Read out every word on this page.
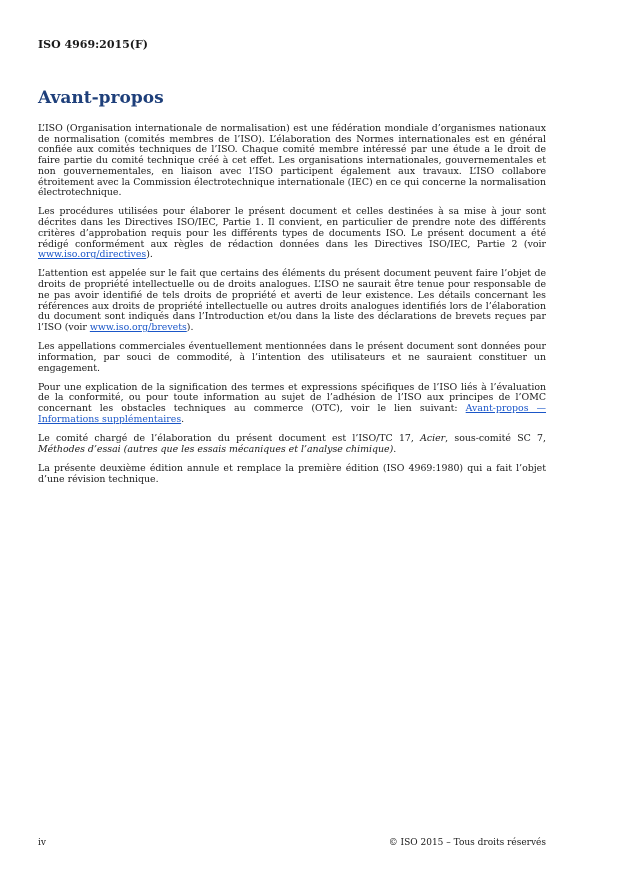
ISO 4969:2015(F)
Avant-propos

L’ISO (Organisation internationale de normalisation) est une fédération mondiale d’organismes nationaux de normalisation (comités membres de l’ISO). L’élaboration des Normes internationales est en général confiée aux comités techniques de l’ISO. Chaque comité membre intéressé par une étude a le droit de faire partie du comité technique créé à cet effet. Les organisations internationales, gouvernementales et non gouvernementales, en liaison avec l’ISO participent également aux travaux. L’ISO collabore étroitement avec la Commission électrotechnique internationale (IEC) en ce qui concerne la normalisation électrotechnique.

Les procédures utilisées pour élaborer le présent document et celles destinées à sa mise à jour sont décrites dans les Directives ISO/IEC, Partie 1. Il convient, en particulier de prendre note des différents critères d’approbation requis pour les différents types de documents ISO. Le présent document a été rédigé conformément aux règles de rédaction données dans les Directives ISO/IEC, Partie 2 (voir www.iso.org/directives).

L’attention est appelée sur le fait que certains des éléments du présent document peuvent faire l’objet de droits de propriété intellectuelle ou de droits analogues. L’ISO ne saurait être tenue pour responsable de ne pas avoir identifié de tels droits de propriété et averti de leur existence. Les détails concernant les références aux droits de propriété intellectuelle ou autres droits analogues identifiés lors de l’élaboration du document sont indiqués dans l’Introduction et/ou dans la liste des déclarations de brevets reçues par l’ISO (voir www.iso.org/brevets).

Les appellations commerciales éventuellement mentionnées dans le présent document sont données pour information, par souci de commodité, à l’intention des utilisateurs et ne sauraient constituer un engagement.

Pour une explication de la signification des termes et expressions spécifiques de l’ISO liés à l’évaluation de la conformité, ou pour toute information au sujet de l’adhésion de l’ISO aux principes de l’OMC concernant les obstacles techniques au commerce (OTC), voir le lien suivant: Avant-propos — Informations supplémentaires.

Le comité chargé de l’élaboration du présent document est l’ISO/TC 17, Acier, sous-comité SC 7, Méthodes d’essai (autres que les essais mécaniques et l’analyse chimique).

La présente deuxième édition annule et remplace la première édition (ISO 4969:1980) qui a fait l’objet d’une révision technique.

iv	© ISO 2015 – Tous droits réservés
